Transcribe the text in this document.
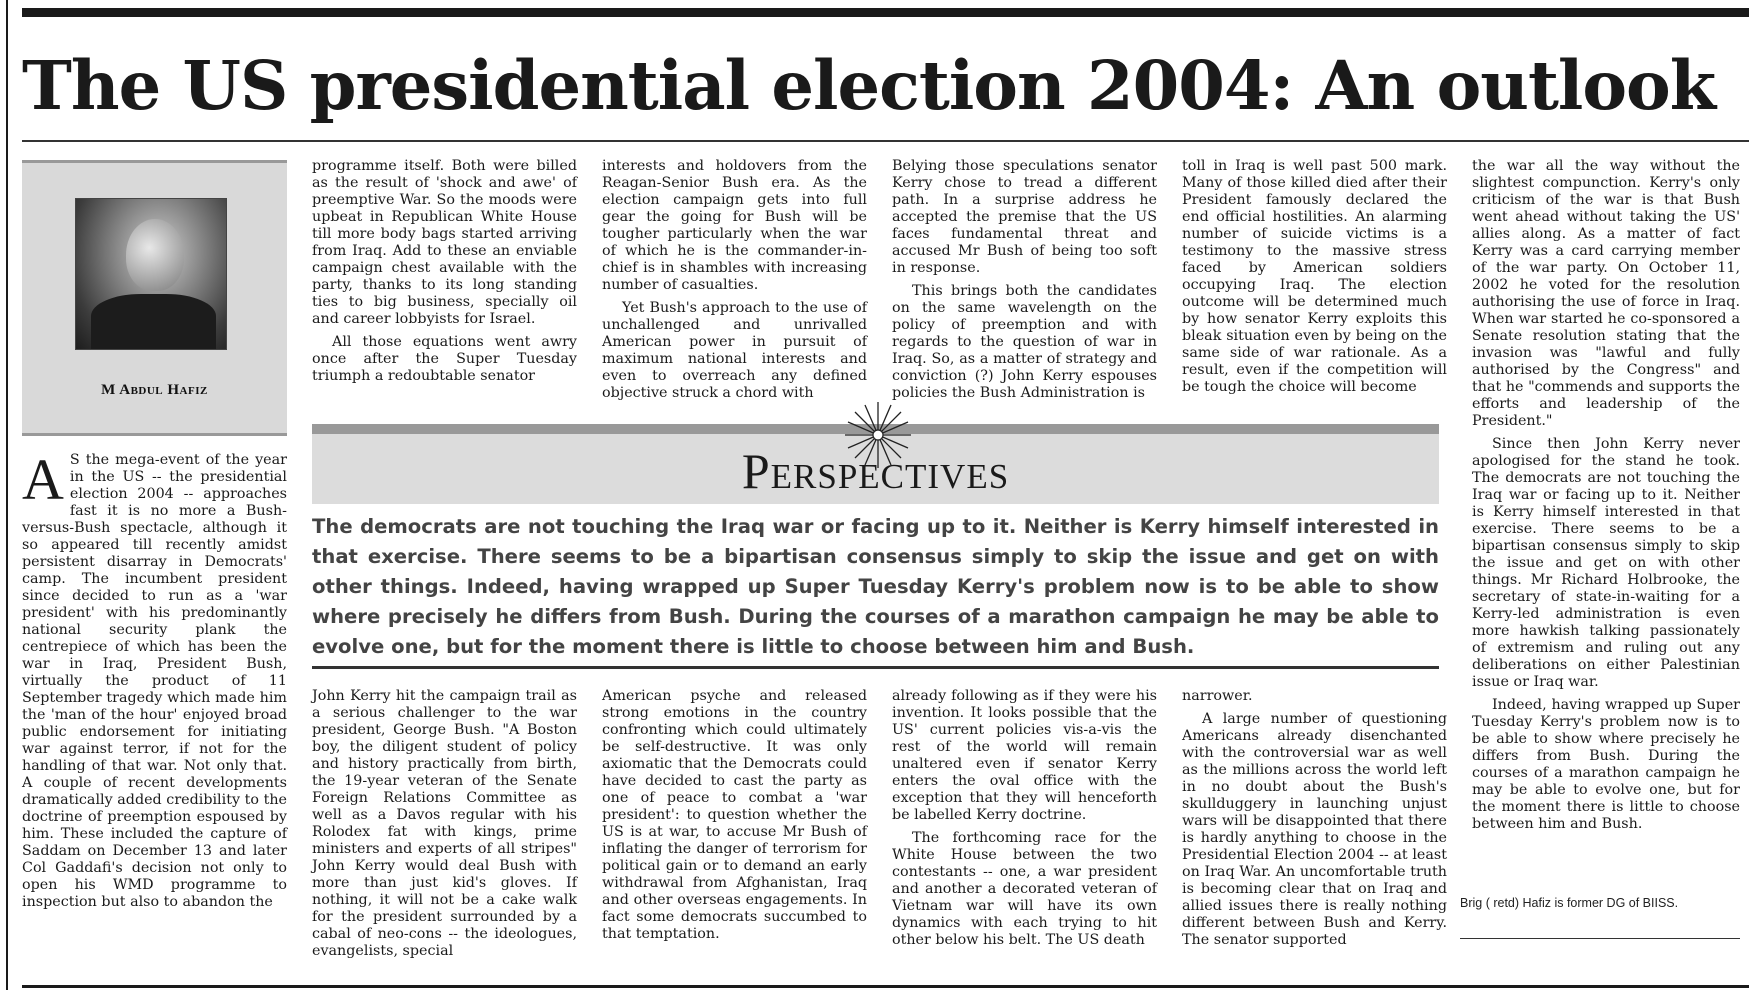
The US presidential election 2004: An outlook
M Abdul Hafiz

A S the mega-event of the year in the US -- the presidential election 2004 -- approaches fast it is no more a Bush-versus-Bush spectacle, although it so appeared till recently amidst persistent disarray in Democrats' camp. The incumbent president since decided to run as a 'war president' with his predominantly national security plank the centrepiece of which has been the war in Iraq, President Bush, virtually the product of 11 September tragedy which made him the 'man of the hour' enjoyed broad public endorsement for initiating war against terror, if not for the handling of that war. Not only that. A couple of recent developments dramatically added credibility to the doctrine of preemption espoused by him. These included the capture of Saddam on December 13 and later Col Gaddafi's decision not only to open his WMD programme to inspection but also to abandon the

programme itself. Both were billed as the result of 'shock and awe' of preemptive War. So the moods were upbeat in Republican White House till more body bags started arriving from Iraq. Add to these an enviable campaign chest available with the party, thanks to its long standing ties to big business, specially oil and career lobbyists for Israel.

All those equations went awry once after the Super Tuesday triumph a redoubtable senator

interests and holdovers from the Reagan-Senior Bush era. As the election campaign gets into full gear the going for Bush will be tougher particularly when the war of which he is the commander-in-chief is in shambles with increasing number of casualties.

Yet Bush's approach to the use of unchallenged and unrivalled American power in pursuit of maximum national interests and even to overreach any defined objective struck a chord with

Belying those speculations senator Kerry chose to tread a different path. In a surprise address he accepted the premise that the US faces fundamental threat and accused Mr Bush of being too soft in response.

This brings both the candidates on the same wavelength on the policy of preemption and with regards to the question of war in Iraq. So, as a matter of strategy and conviction (?) John Kerry espouses policies the Bush Administration is

toll in Iraq is well past 500 mark. Many of those killed died after their President famously declared the end official hostilities. An alarming number of suicide victims is a testimony to the massive stress faced by American soldiers occupying Iraq. The election outcome will be determined much by how senator Kerry exploits this bleak situation even by being on the same side of war rationale. As a result, even if the competition will be tough the choice will become

Perspectives

The democrats are not touching the Iraq war or facing up to it. Neither is Kerry himself interested in that exercise. There seems to be a bipartisan consensus simply to skip the issue and get on with other things. Indeed, having wrapped up Super Tuesday Kerry's problem now is to be able to show where precisely he differs from Bush. During the courses of a marathon campaign he may be able to evolve one, but for the moment there is little to choose between him and Bush.

John Kerry hit the campaign trail as a serious challenger to the war president, George Bush. "A Boston boy, the diligent student of policy and history practically from birth, the 19-year veteran of the Senate Foreign Relations Committee as well as a Davos regular with his Rolodex fat with kings, prime ministers and experts of all stripes" John Kerry would deal Bush with more than just kid's gloves. If nothing, it will not be a cake walk for the president surrounded by a cabal of neo-cons -- the ideologues, evangelists, special

American psyche and released strong emotions in the country confronting which could ultimately be self-destructive. It was only axiomatic that the Democrats could have decided to cast the party as one of peace to combat a 'war president': to question whether the US is at war, to accuse Mr Bush of inflating the danger of terrorism for political gain or to demand an early withdrawal from Afghanistan, Iraq and other overseas engagements. In fact some democrats succumbed to that temptation.

already following as if they were his invention. It looks possible that the US' current policies vis-a-vis the rest of the world will remain unaltered even if senator Kerry enters the oval office with the exception that they will henceforth be labelled Kerry doctrine.

The forthcoming race for the White House between the two contestants -- one, a war president and another a decorated veteran of Vietnam war will have its own dynamics with each trying to hit other below his belt. The US death

narrower.

A large number of questioning Americans already disenchanted with the controversial war as well as the millions across the world left in no doubt about the Bush's skullduggery in launching unjust wars will be disappointed that there is hardly anything to choose in the Presidential Election 2004 -- at least on Iraq War. An uncomfortable truth is becoming clear that on Iraq and allied issues there is really nothing different between Bush and Kerry. The senator supported

the war all the way without the slightest compunction. Kerry's only criticism of the war is that Bush went ahead without taking the US' allies along. As a matter of fact Kerry was a card carrying member of the war party. On October 11, 2002 he voted for the resolution authorising the use of force in Iraq. When war started he co-sponsored a Senate resolution stating that the invasion was "lawful and fully authorised by the Congress" and that he "commends and supports the efforts and leadership of the President."

Since then John Kerry never apologised for the stand he took. The democrats are not touching the Iraq war or facing up to it. Neither is Kerry himself interested in that exercise. There seems to be a bipartisan consensus simply to skip the issue and get on with other things. Mr Richard Holbrooke, the secretary of state-in-waiting for a Kerry-led administration is even more hawkish talking passionately of extremism and ruling out any deliberations on either Palestinian issue or Iraq war.

Indeed, having wrapped up Super Tuesday Kerry's problem now is to be able to show where precisely he differs from Bush. During the courses of a marathon campaign he may be able to evolve one, but for the moment there is little to choose between him and Bush.

Brig ( retd) Hafiz is former DG of BIISS.
